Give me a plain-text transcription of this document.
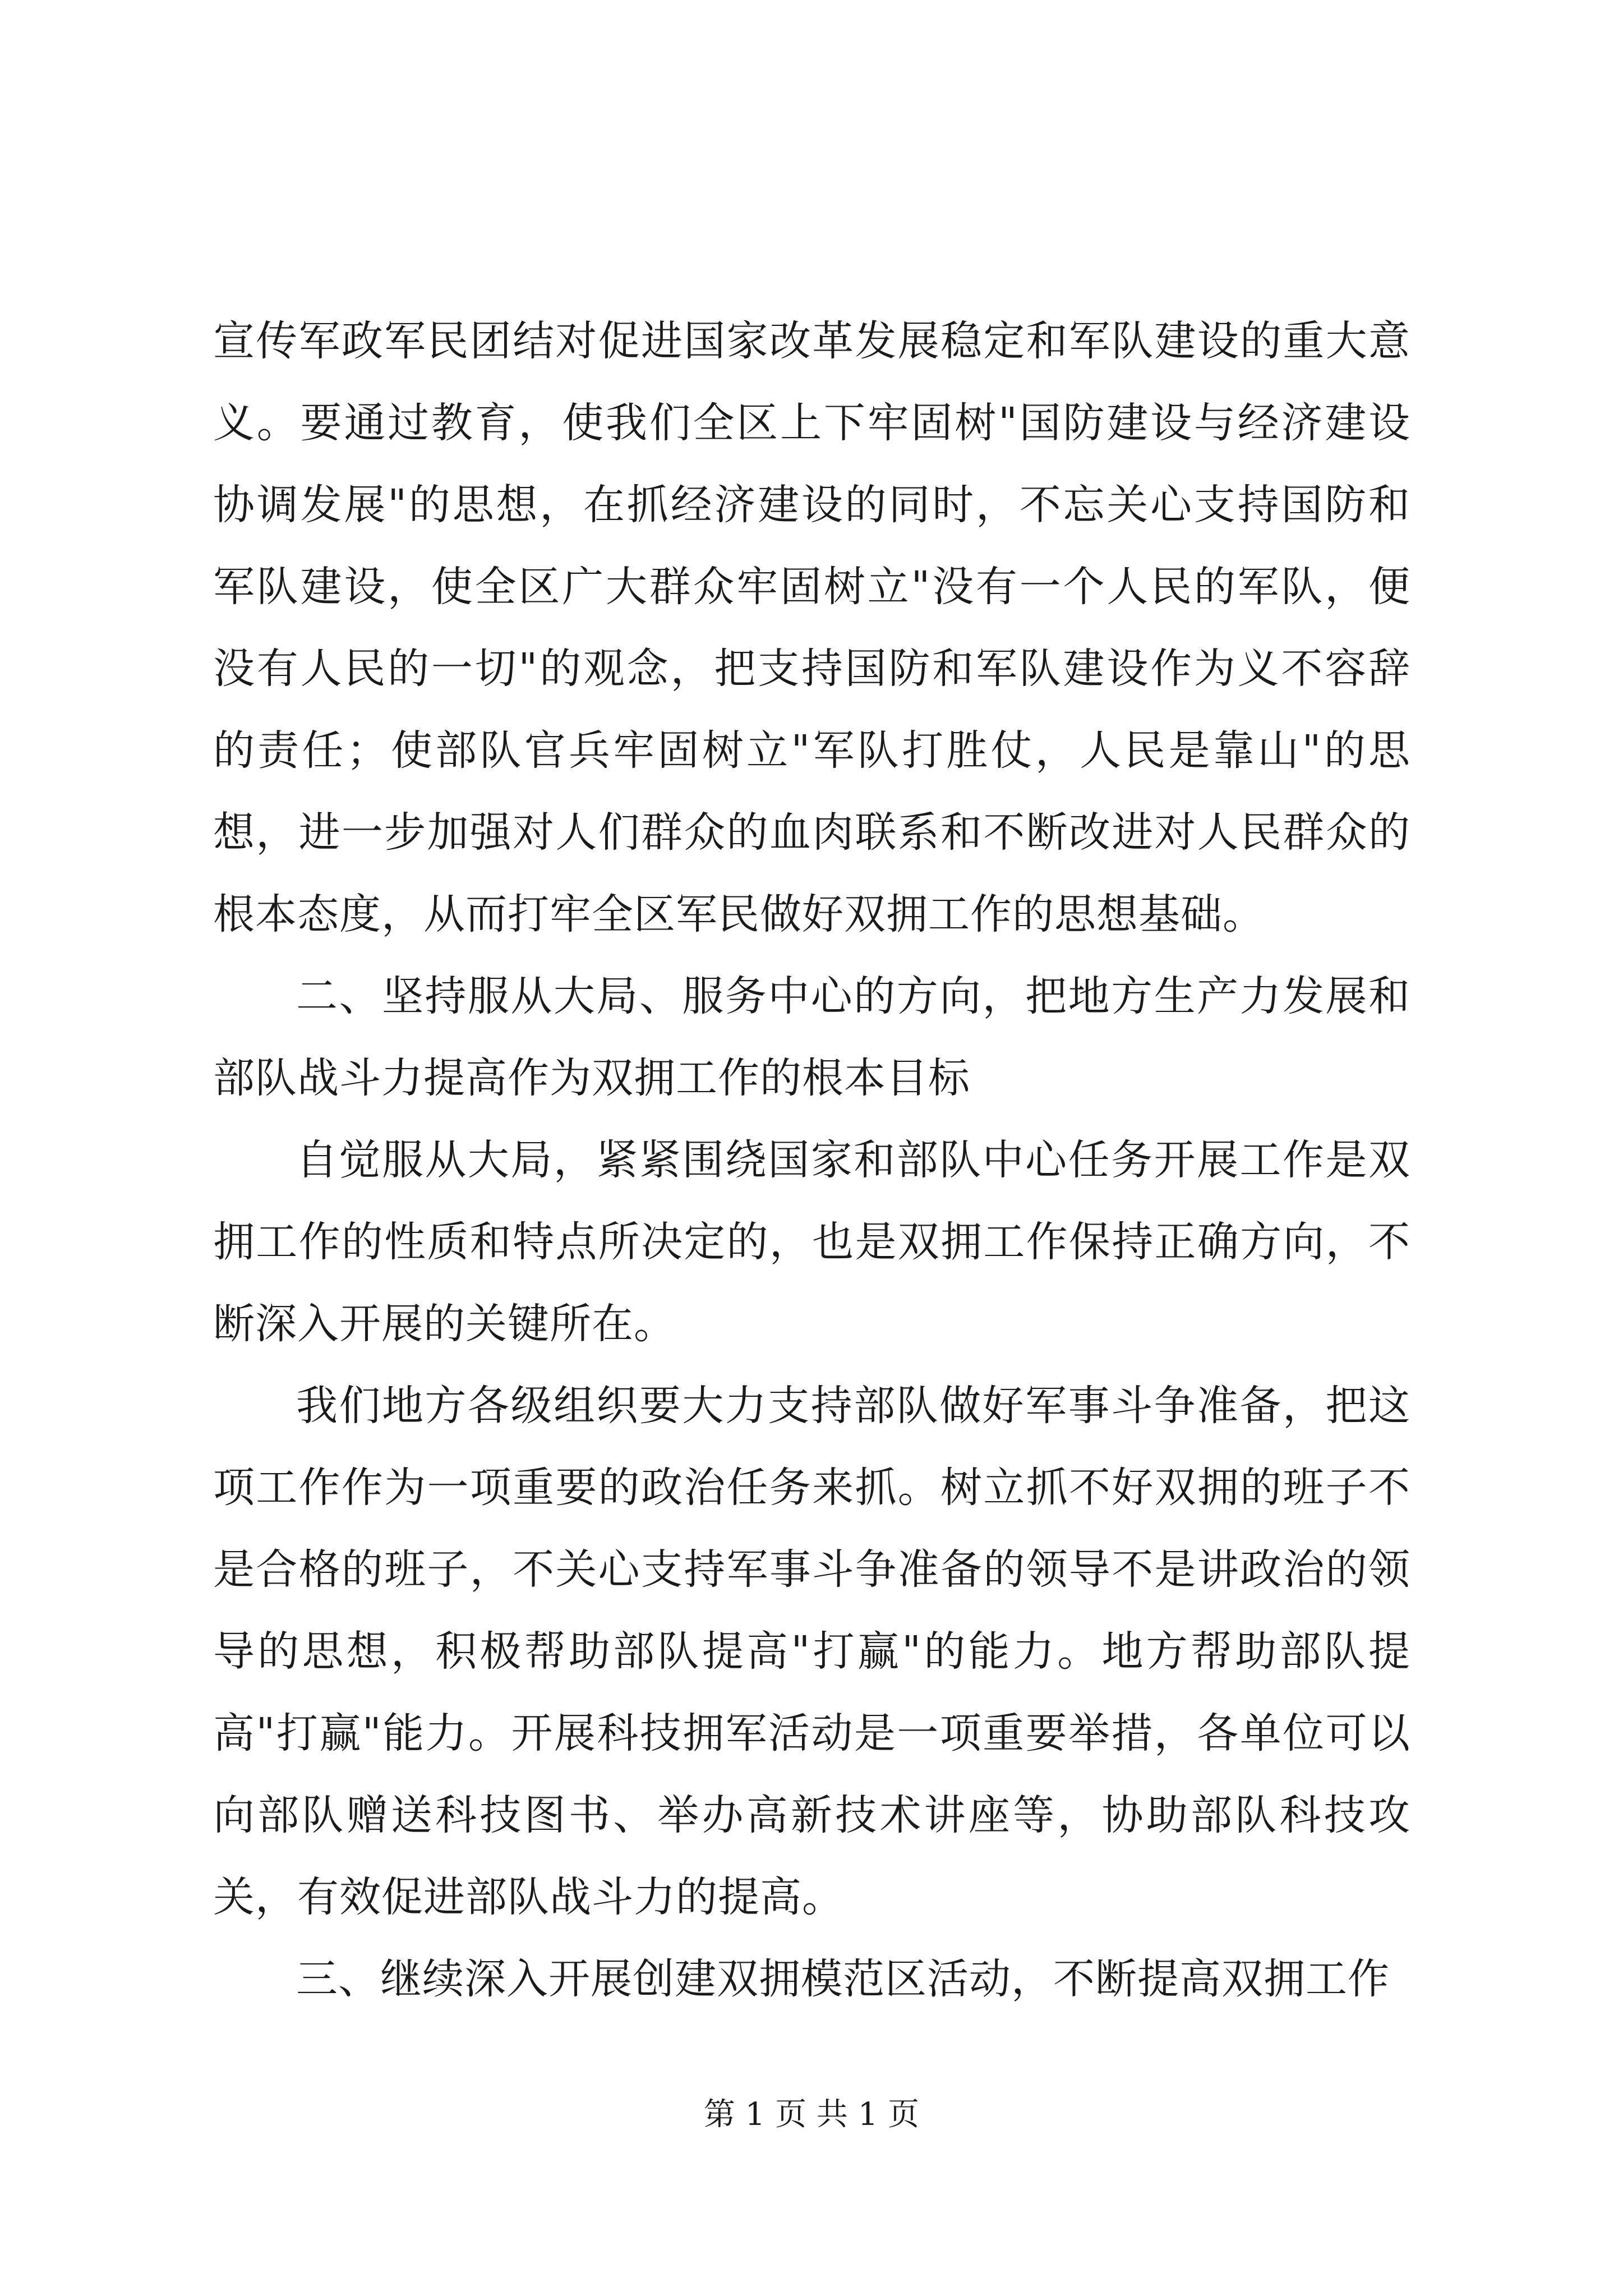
宣传军政军民团结对促进国家改革发展稳定和军队建设的重大意义。要通过教育，使我们全区上下牢固树"国防建设与经济建设协调发展"的思想，在抓经济建设的同时，不忘关心支持国防和军队建设，使全区广大群众牢固树立"没有一个人民的军队，便没有人民的一切"的观念，把支持国防和军队建设作为义不容辞的责任；使部队官兵牢固树立"军队打胜仗，人民是靠山"的思想，进一步加强对人们群众的血肉联系和不断改进对人民群众的根本态度，从而打牢全区军民做好双拥工作的思想基础。

二、坚持服从大局、服务中心的方向，把地方生产力发展和部队战斗力提高作为双拥工作的根本目标

自觉服从大局，紧紧围绕国家和部队中心任务开展工作是双拥工作的性质和特点所决定的，也是双拥工作保持正确方向，不断深入开展的关键所在。

我们地方各级组织要大力支持部队做好军事斗争准备，把这项工作作为一项重要的政治任务来抓。树立抓不好双拥的班子不是合格的班子，不关心支持军事斗争准备的领导不是讲政治的领导的思想，积极帮助部队提高"打赢"的能力。地方帮助部队提高"打赢"能力。开展科技拥军活动是一项重要举措，各单位可以向部队赠送科技图书、举办高新技术讲座等，协助部队科技攻关，有效促进部队战斗力的提高。

三、继续深入开展创建双拥模范区活动，不断提高双拥工作

第 1 页 共 1 页
